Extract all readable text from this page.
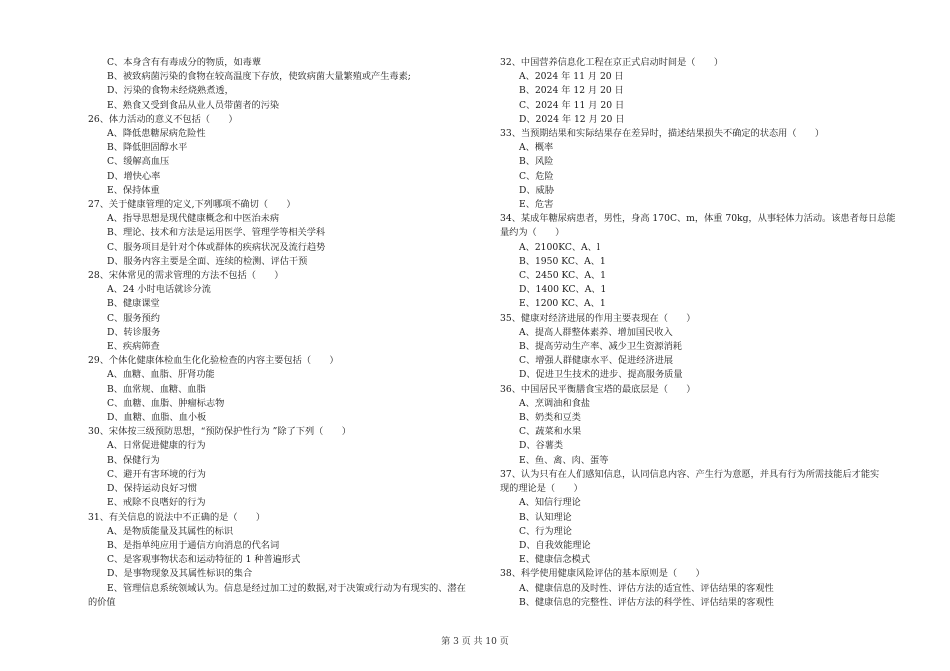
C、本身含有有毒成分的物质，如毒蕈
B、被致病菌污染的食物在较高温度下存放，使致病菌大量繁殖或产生毒素;
D、污染的食物未经烧熟煮透，
E、熟食又受到食品从业人员带菌者的污染
26、体力活动的意义不包括（　　）
A、降低患糖尿病危险性
B、降低胆固醇水平
C、缓解高血压
D、增快心率
E、保持体重
27、关于健康管理的定义,下列哪项不确切（　　）
A、指导思想是现代健康概念和中医治未病
B、理论、技术和方法是运用医学、管理学等相关学科
C、服务项目是针对个体或群体的疾病状况及流行趋势
D、服务内容主要是全面、连续的检测、评估干预
28、宋体常见的需求管理的方法不包括（　　）
A、24 小时电话就诊分流
B、健康课堂
C、服务预约
D、转诊服务
E、疾病筛查
29、个体化健康体检血生化化验检查的内容主要包括（　　）
A、血糖、血脂、肝肾功能
B、血常规、血糖、血脂
C、血糖、血脂、肿瘤标志物
D、血糖、血脂、血小板
30、宋体按三级预防思想，“预防保护性行为 ”除了下列（　　）
A、日常促进健康的行为
B、保健行为
C、避开有害环境的行为
D、保持运动良好习惯
E、戒除不良嗜好的行为
31、有关信息的说法中不正确的是（　　）
A、是物质能量及其属性的标识
B、是指单纯应用于通信方向消息的代名词
C、是客观事物状态和运动特征的 1 种普遍形式
D、是事物现象及其属性标识的集合
E、管理信息系统领域认为。信息是经过加工过的数据,对于决策或行动为有现实的、潜在
的价值
32、中国营养信息化工程在京正式启动时间是（　　）
A、2024 年 11 月 20 日
B、2024 年 12 月 20 日
C、2024 年 11 月 20 日
D、2024 年 12 月 20 日
33、当预期结果和实际结果存在差异时，描述结果损失不确定的状态用（　　）
A、概率
B、风险
C、危险
D、威胁
E、危害
34、某成年糖尿病患者，男性，身高 170C、m，体重 70kg，从事轻体力活动。该患者每日总能
量约为（　　）
A、2100KC、A、l
B、1950 KC、A、1
C、2450 KC、A、1
D、1400 KC、A、1
E、1200 KC、A、1
35、健康对经济进展的作用主要表现在（　　）
A、提高人群整体素养、增加国民收入
B、提高劳动生产率、减少卫生资源消耗
C、增强人群健康水平、促进经济进展
D、促进卫生技术的进步、提高服务质量
36、中国居民平衡膳食宝塔的最底层是（　　）
A、烹调油和食盐
B、奶类和豆类
C、蔬菜和水果
D、谷薯类
E、鱼、禽、肉、蛋等
37、认为只有在人们感知信息，认同信息内容、产生行为意愿，并具有行为所需技能后才能实
现的理论是（　　）
A、知信行理论
B、认知理论
C、行为理论
D、自我效能理论
E、健康信念模式
38、科学使用健康风险评估的基本原则是（　　）
A、健康信息的及时性、评估方法的适宜性、评估结果的客观性
B、健康信息的完整性、评估方法的科学性、评估结果的客观性
第 3 页 共 10 页
